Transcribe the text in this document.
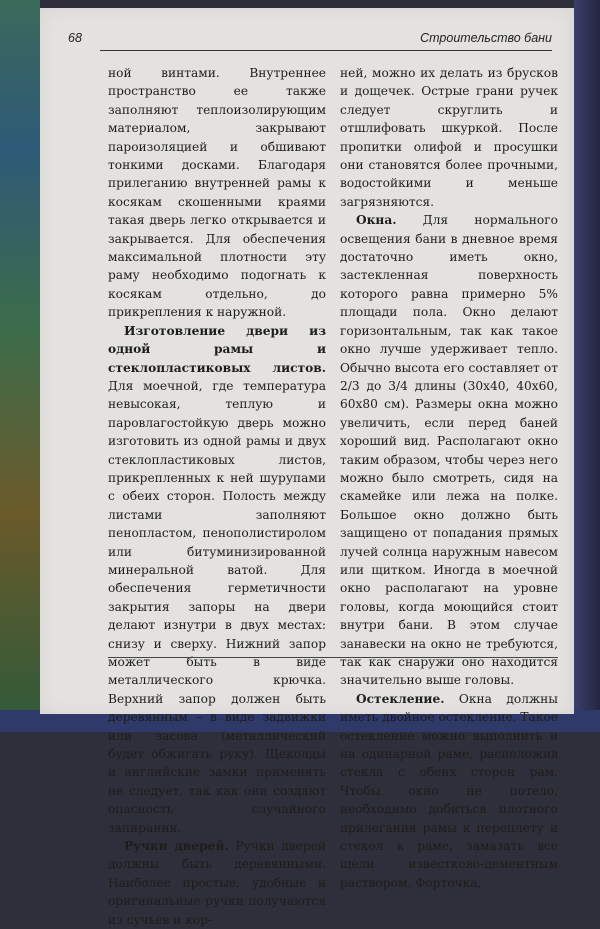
68	Строительство бани

ной винтами. Внутреннее пространство ее также заполняют теплоизолирующим материалом, закрывают пароизоляцией и обшивают тонкими досками. Благодаря прилеганию внутренней рамы к косякам скошенными краями такая дверь легко открывается и закрывается. Для обеспечения максимальной плотности эту раму необходимо подогнать к косякам отдельно, до прикрепления к наружной.

Изготовление двери из одной рамы и стеклопластиковых листов. Для моечной, где температура невысокая, теплую и паровлагостойкую дверь можно изготовить из одной рамы и двух стеклопластиковых листов, прикрепленных к ней шурупами с обеих сторон. Полость между листами заполняют пенопластом, пенополистиролом или битуминизированной минеральной ватой. Для обеспечения герметичности закрытия запоры на двери делают изнутри в двух местах: снизу и сверху. Нижний запор может быть в виде металлического крючка. Верхний запор должен быть деревянным – в виде задвижки или засова (металлический будет обжигать руку). Щеколды и английские замки применять не следует, так как они создают опасность случайного запирания.

Ручки дверей. Ручки дверей должны быть деревянными. Наиболее простые, удобные и оригинальные ручки получаются из сучьев и кор-

ней, можно их делать из брусков и дощечек. Острые грани ручек следует скруглить и отшлифовать шкуркой. После пропитки олифой и просушки они становятся более прочными, водостойкими и меньше загрязняются.

Окна. Для нормального освещения бани в дневное время достаточно иметь окно, застекленная поверхность которого равна примерно 5% площади пола. Окно делают горизонтальным, так как такое окно лучше удерживает тепло. Обычно высота его составляет от 2/3 до 3/4 длины (30x40, 40x60, 60x80 см). Размеры окна можно увеличить, если перед баней хороший вид. Располагают окно таким образом, чтобы через него можно было смотреть, сидя на скамейке или лежа на полке. Большое окно должно быть защищено от попадания прямых лучей солнца наружным навесом или щитком. Иногда в моечной окно располагают на уровне головы, когда моющийся стоит внутри бани. В этом случае занавески на окно не требуются, так как снаружи оно находится значительно выше головы.

Остекление. Окна должны иметь двойное остекление. Такое остекление можно выполнить и на одинарной раме, расположив стекла с обеих сторон рам. Чтобы окно не потело, необходимо добиться плотного прилегания рамы к переплету и стекол к раме, замазать все щели известково-цементным раствором. Форточка,
